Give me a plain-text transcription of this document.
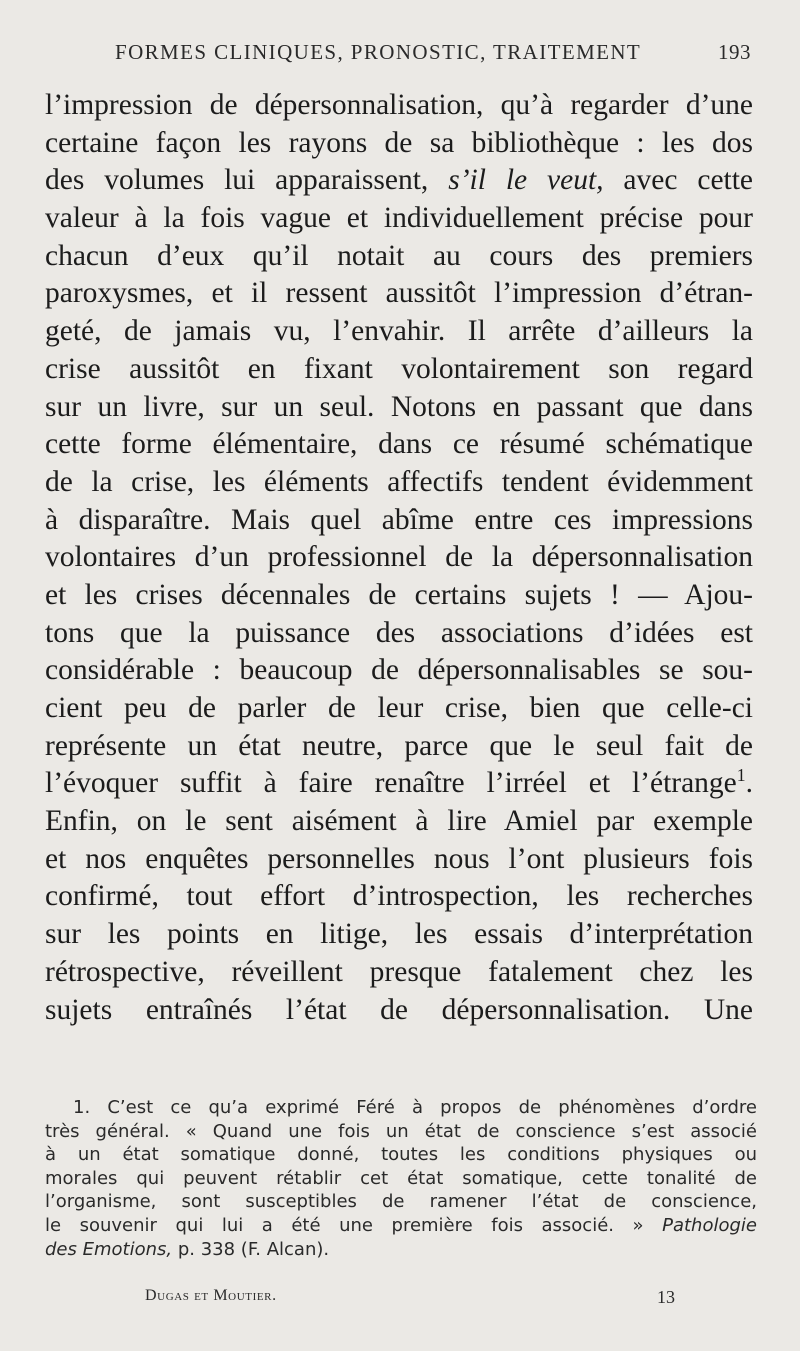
FORMES CLINIQUES, PRONOSTIC, TRAITEMENT	193
l’impression de dépersonnalisation, qu’à regarder d’une
certaine façon les rayons de sa bibliothèque : les dos
des volumes lui apparaissent, s’il le veut, avec cette
valeur à la fois vague et individuellement précise pour
chacun d’eux qu’il notait au cours des premiers
paroxysmes, et il ressent aussitôt l’impression d’étran-
geté, de jamais vu, l’envahir. Il arrête d’ailleurs la
crise aussitôt en fixant volontairement son regard
sur un livre, sur un seul. Notons en passant que dans
cette forme élémentaire, dans ce résumé schématique
de la crise, les éléments affectifs tendent évidemment
à disparaître. Mais quel abîme entre ces impressions
volontaires d’un professionnel de la dépersonnalisation
et les crises décennales de certains sujets ! — Ajou-
tons que la puissance des associations d’idées est
considérable : beaucoup de dépersonnalisables se sou-
cient peu de parler de leur crise, bien que celle-ci
représente un état neutre, parce que le seul fait de
l’évoquer suffit à faire renaître l’irréel et l’étrange$^1$.
Enfin, on le sent aisément à lire Amiel par exemple
et nos enquêtes personnelles nous l’ont plusieurs fois
confirmé, tout effort d’introspection, les recherches
sur les points en litige, les essais d’interprétation
rétrospective, réveillent presque fatalement chez les
sujets entraînés l’état de dépersonnalisation. Une
1. C’est ce qu’a exprimé Féré à propos de phénomènes d’ordre
très général. « Quand une fois un état de conscience s’est associé
à un état somatique donné, toutes les conditions physiques ou
morales qui peuvent rétablir cet état somatique, cette tonalité de
l’organisme, sont susceptibles de ramener l’état de conscience,
le souvenir qui lui a été une première fois associé. » Pathologie
des Emotions, p. 338 (F. Alcan).
Dugas et Moutier.	13
